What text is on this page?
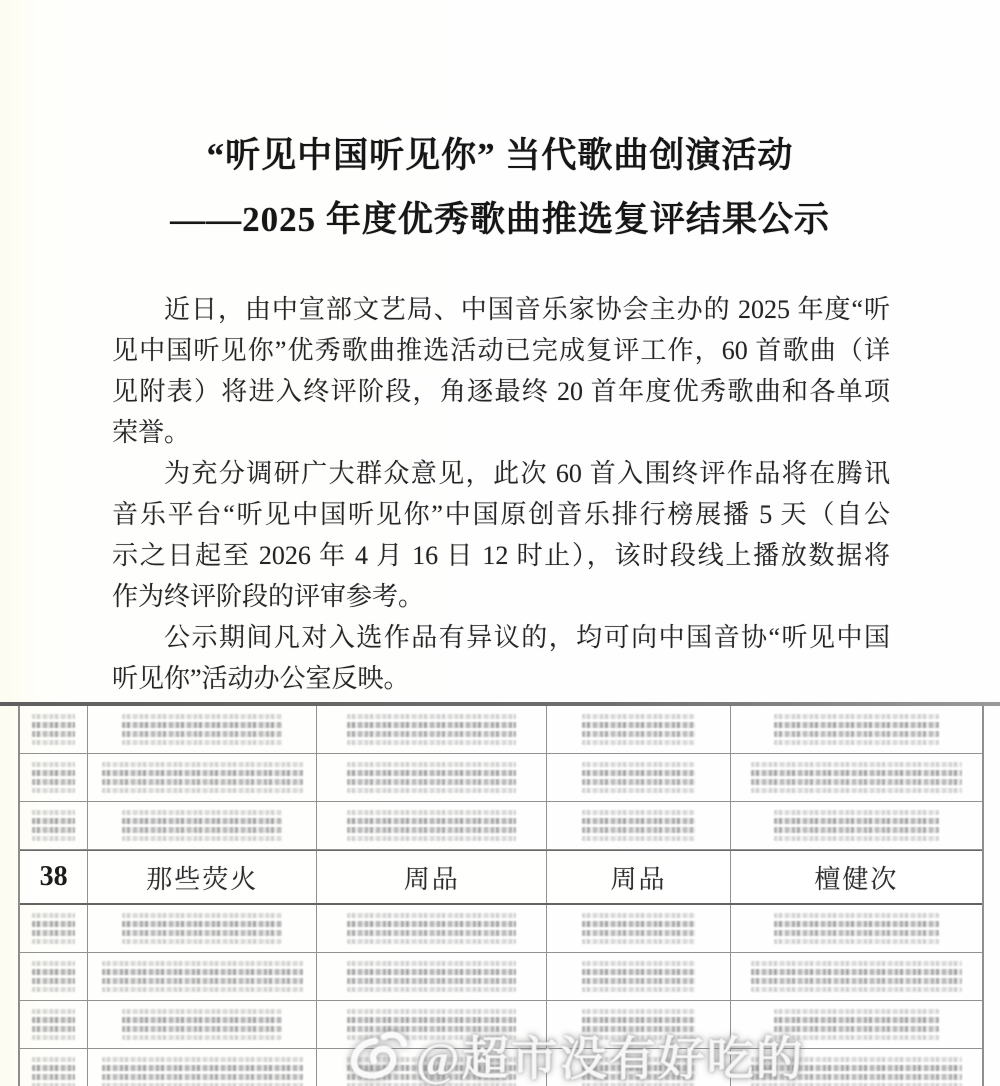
“听见中国听见你” 当代歌曲创演活动
——2025 年度优秀歌曲推选复评结果公示
近日，由中宣部文艺局、中国音乐家协会主办的 2025 年度“听
见中国听见你”优秀歌曲推选活动已完成复评工作，60 首歌曲（详
见附表）将进入终评阶段，角逐最终 20 首年度优秀歌曲和各单项
荣誉。
为充分调研广大群众意见，此次 60 首入围终评作品将在腾讯
音乐平台“听见中国听见你”中国原创音乐排行榜展播 5 天（自公
示之日起至 2026 年 4 月 16 日 12 时止），该时段线上播放数据将
作为终评阶段的评审参考。
公示期间凡对入选作品有异议的，均可向中国音协“听见中国
听见你”活动办公室反映。
38	那些荧火	周品	周品	檀健次
@超市没有好吃的
